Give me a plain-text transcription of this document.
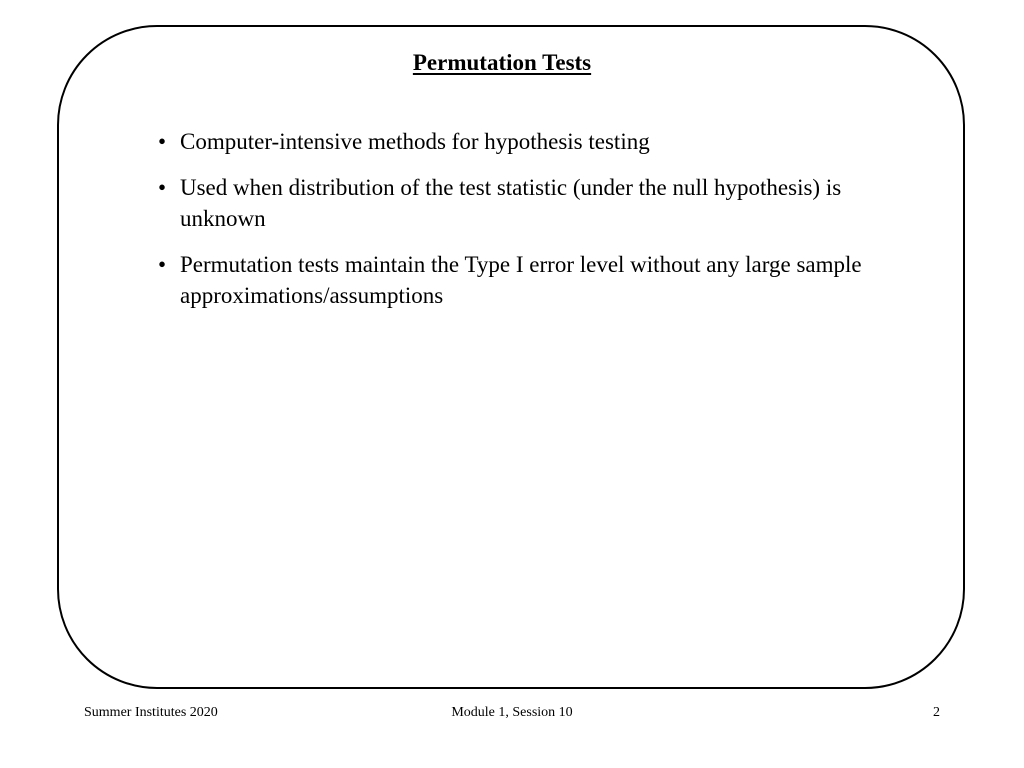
Permutation Tests
• Computer-intensive methods for hypothesis testing
• Used when distribution of the test statistic (under the null hypothesis) is unknown
• Permutation tests maintain the Type I error level without any large sample approximations/assumptions

Summer Institutes 2020	Module 1, Session 10	2
